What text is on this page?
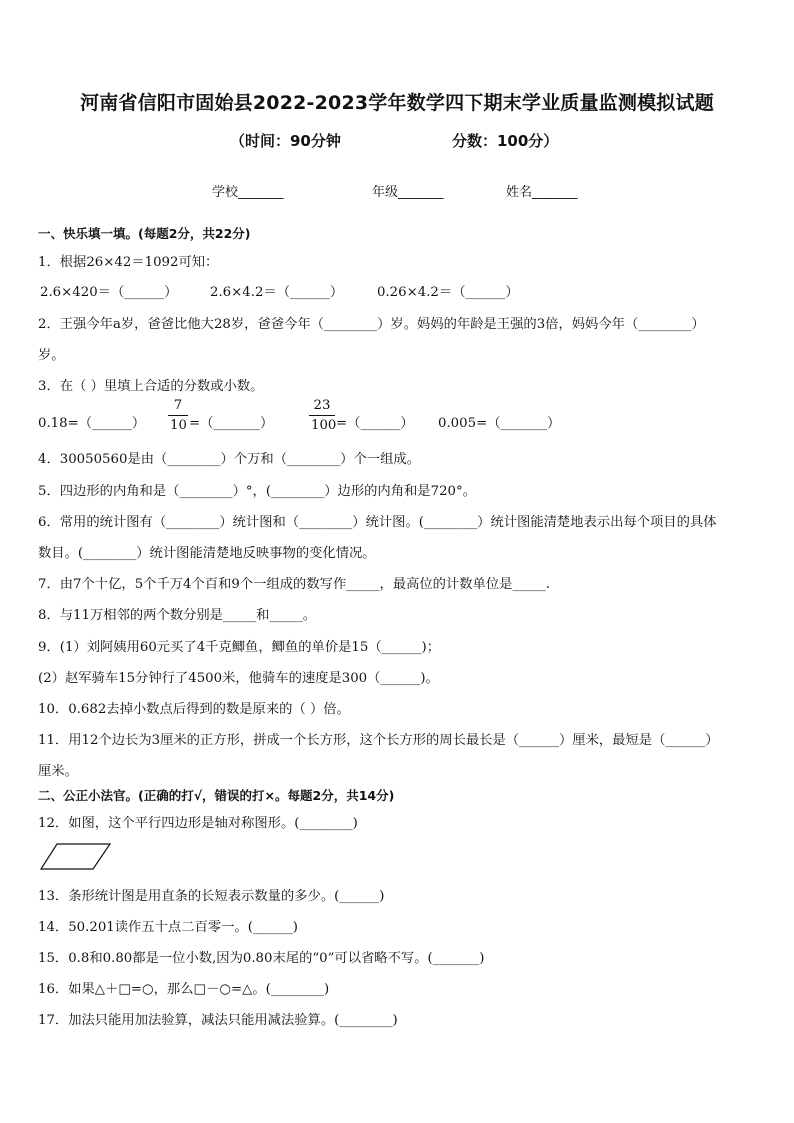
河南省信阳市固始县2022-2023学年数学四下期末学业质量监测模拟试题
（时间：90分钟	分数：100分）
学校_______	年级_______	姓名_______
一、快乐填一填。(每题2分，共22分)
1．根据26×42＝1092可知：
2.6×420＝（______） 2.6×4.2＝（______）	0.26×4.2＝（______）
2．王强今年a岁，爸爸比他大28岁，爸爸今年（________）岁。妈妈的年龄是王强的3倍，妈妈今年（________）
岁。
3．在（ ）里填上合适的分数或小数。
0.18=（______）
7
10 =（_______）
23
100 =（______） 0.005=（_______）
4．30050560是由（________）个万和（________）个一组成。
5．四边形的内角和是（________）°，(________）边形的内角和是720°。
6．常用的统计图有（________）统计图和（________）统计图。(________）统计图能清楚地表示出每个项目的具体
数目。(________）统计图能清楚地反映事物的变化情况。
7．由7个十亿，5个千万4个百和9个一组成的数写作_____，最高位的计数单位是_____.
8．与11万相邻的两个数分别是_____和_____。
9．(1）刘阿姨用60元买了4千克鲫鱼，鲫鱼的单价是15（______)；
(2）赵军骑车15分钟行了4500米，他骑车的速度是300（______)。
10．0.682去掉小数点后得到的数是原来的（ ）倍。
11．用12个边长为3厘米的正方形，拼成一个长方形，这个长方形的周长最长是（______）厘米，最短是（______）
厘米。
二、公正小法官。(正确的打√，错误的打×。每题2分，共14分)
12．如图，这个平行四边形是轴对称图形。(________)
13．条形统计图是用直条的长短表示数量的多少。(______)
14．50.201读作五十点二百零一。(______)
15．0.8和0.80都是一位小数,因为0.80末尾的“0”可以省略不写。(_______)
16．如果△＋□=○，那么□－○=△。(________)
17．加法只能用加法验算，减法只能用减法验算。(________)
